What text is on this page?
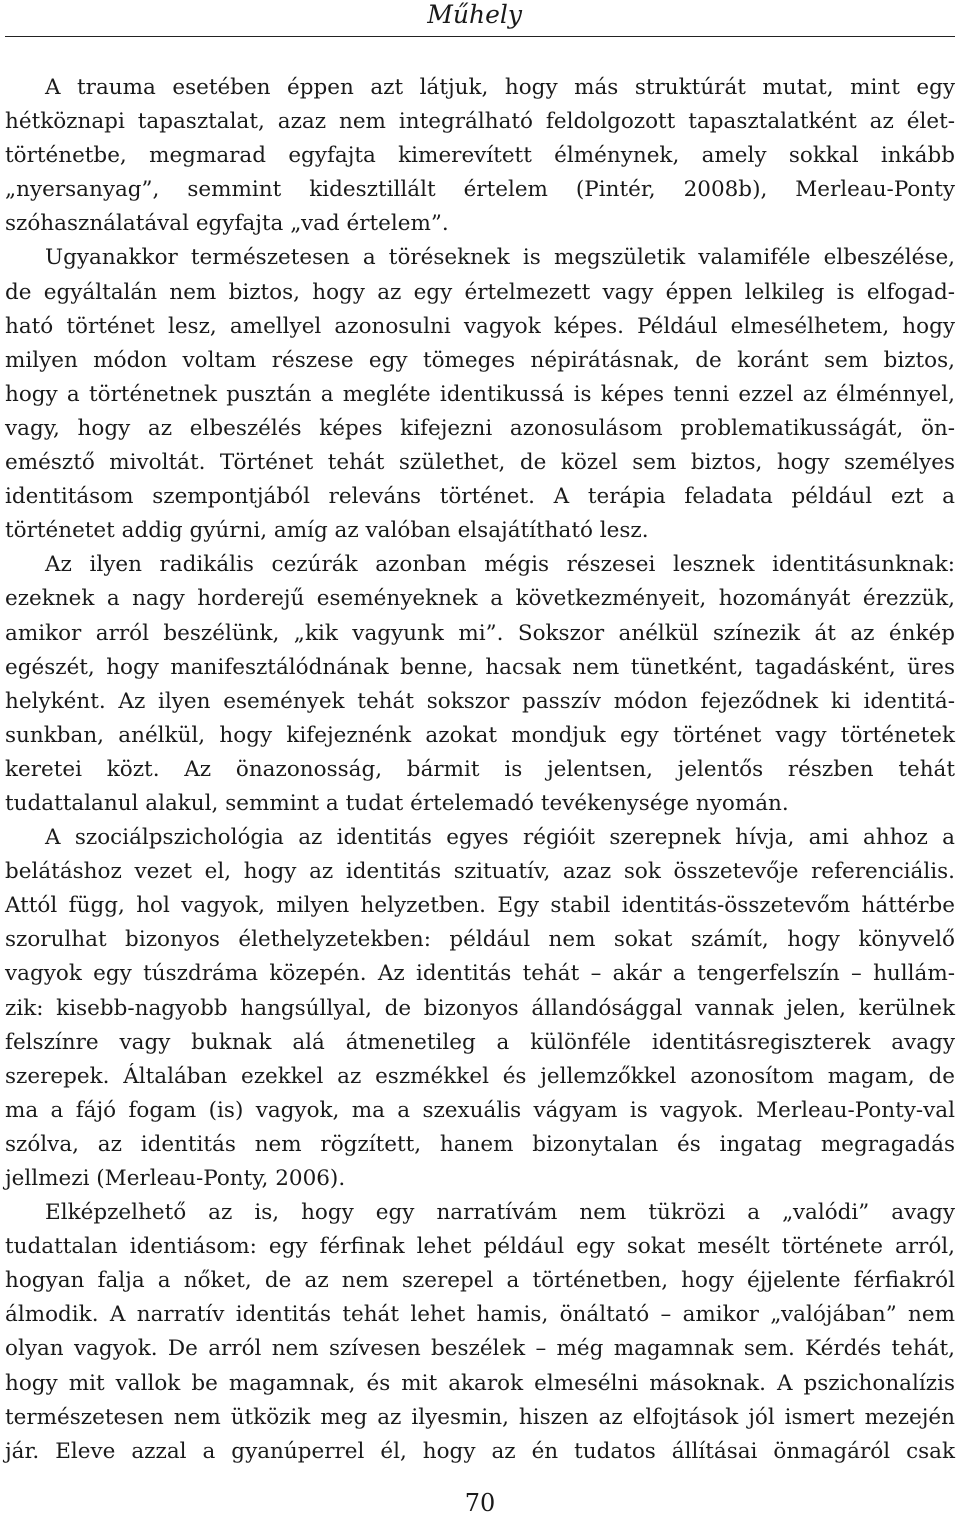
Műhely
A trauma esetében éppen azt látjuk, hogy más struktúrát mutat, mint egy
hétköznapi tapasztalat, azaz nem integrálható feldolgozott tapasztalatként az élet-
történetbe, megmarad egyfajta kimerevített élménynek, amely sokkal inkább
„nyersanyag”, semmint kidesztillált értelem (Pintér, 2008b), Merleau-Ponty
szóhasználatával egyfajta „vad értelem”.
Ugyanakkor természetesen a töréseknek is megszületik valamiféle elbeszélése,
de egyáltalán nem biztos, hogy az egy értelmezett vagy éppen lelkileg is elfogad-
ható történet lesz, amellyel azonosulni vagyok képes. Például elmesélhetem, hogy
milyen módon voltam részese egy tömeges népirátásnak, de koránt sem biztos,
hogy a történetnek pusztán a megléte identikussá is képes tenni ezzel az élménnyel,
vagy, hogy az elbeszélés képes kifejezni azonosulásom problematikusságát, ön-
emésztő mivoltát. Történet tehát születhet, de közel sem biztos, hogy személyes
identitásom szempontjából releváns történet. A terápia feladata például ezt a
történetet addig gyúrni, amíg az valóban elsajátítható lesz.
Az ilyen radikális cezúrák azonban mégis részesei lesznek identitásunknak:
ezeknek a nagy horderejű eseményeknek a következményeit, hozományát érezzük,
amikor arról beszélünk, „kik vagyunk mi”. Sokszor anélkül színezik át az énkép
egészét, hogy manifesztálódnának benne, hacsak nem tünetként, tagadásként, üres
helyként. Az ilyen események tehát sokszor passzív módon fejeződnek ki identitá-
sunkban, anélkül, hogy kifejeznénk azokat mondjuk egy történet vagy történetek
keretei közt. Az önazonosság, bármit is jelentsen, jelentős részben tehát
tudattalanul alakul, semmint a tudat értelemadó tevékenysége nyomán.
A szociálpszichológia az identitás egyes régióit szerepnek hívja, ami ahhoz a
belátáshoz vezet el, hogy az identitás szituatív, azaz sok összetevője referenciális.
Attól függ, hol vagyok, milyen helyzetben. Egy stabil identitás-összetevőm háttérbe
szorulhat bizonyos élethelyzetekben: például nem sokat számít, hogy könyvelő
vagyok egy túszdráma közepén. Az identitás tehát – akár a tengerfelszín – hullám-
zik: kisebb-nagyobb hangsúllyal, de bizonyos állandósággal vannak jelen, kerülnek
felszínre vagy buknak alá átmenetileg a különféle identitásregiszterek avagy
szerepek. Általában ezekkel az eszmékkel és jellemzőkkel azonosítom magam, de
ma a fájó fogam (is) vagyok, ma a szexuális vágyam is vagyok. Merleau-Ponty-val
szólva, az identitás nem rögzített, hanem bizonytalan és ingatag megragadás
jellmezi (Merleau-Ponty, 2006).
Elképzelhető az is, hogy egy narratívám nem tükrözi a „valódi” avagy
tudattalan identiásom: egy férfinak lehet például egy sokat mesélt története arról,
hogyan falja a nőket, de az nem szerepel a történetben, hogy éjjelente férfiakról
álmodik. A narratív identitás tehát lehet hamis, önáltató – amikor „valójában” nem
olyan vagyok. De arról nem szívesen beszélek – még magamnak sem. Kérdés tehát,
hogy mit vallok be magamnak, és mit akarok elmesélni másoknak. A pszichonalízis
természetesen nem ütközik meg az ilyesmin, hiszen az elfojtások jól ismert mezején
jár. Eleve azzal a gyanúperrel él, hogy az én tudatos állításai önmagáról csak
70
